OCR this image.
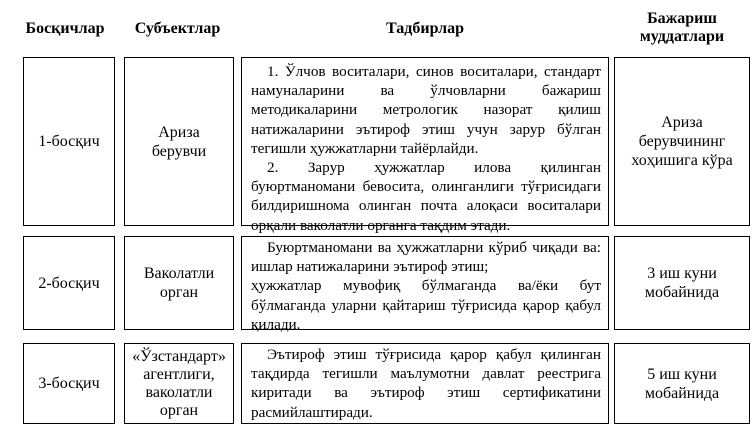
Босқичлар	Субъектлар	Тадбирлар
Бажариш муддатлари
1-босқич
Ариза берувчи

1. Ўлчов воситалари, синов воситалари, стандарт намуналарини ва ўлчовларни бажариш методикаларини метрологик назорат қилиш натижаларини эътироф этиш учун зарур бўлган тегишли ҳужжатларни тайёрлайди.

2. Зарур ҳужжатлар илова қилинган буюртманомани бевосита, олинганлиги тўғрисидаги билдиришнома олинган почта алоқаси воситалари орқали ваколатли органга тақдим этади.

Ариза берувчининг хоҳишига кўра
2-босқич
Ваколатли орган

Буюртманомани ва ҳужжатларни кўриб чиқади ва: ишлар натижаларини эътироф этиш;

ҳужжатлар мувофиқ бўлмаганда ва/ёки бут бўлмаганда уларни қайтариш тўғрисида қарор қабул қилади.

3 иш куни мобайнида
3-босқич
«Ўзстандарт» агентлиги, ваколатли орган

Эътироф этиш тўғрисида қарор қабул қилинган тақдирда тегишли маълумотни давлат реестрига киритади ва эътироф этиш сертификатини расмийлаштиради.

5 иш куни мобайнида
